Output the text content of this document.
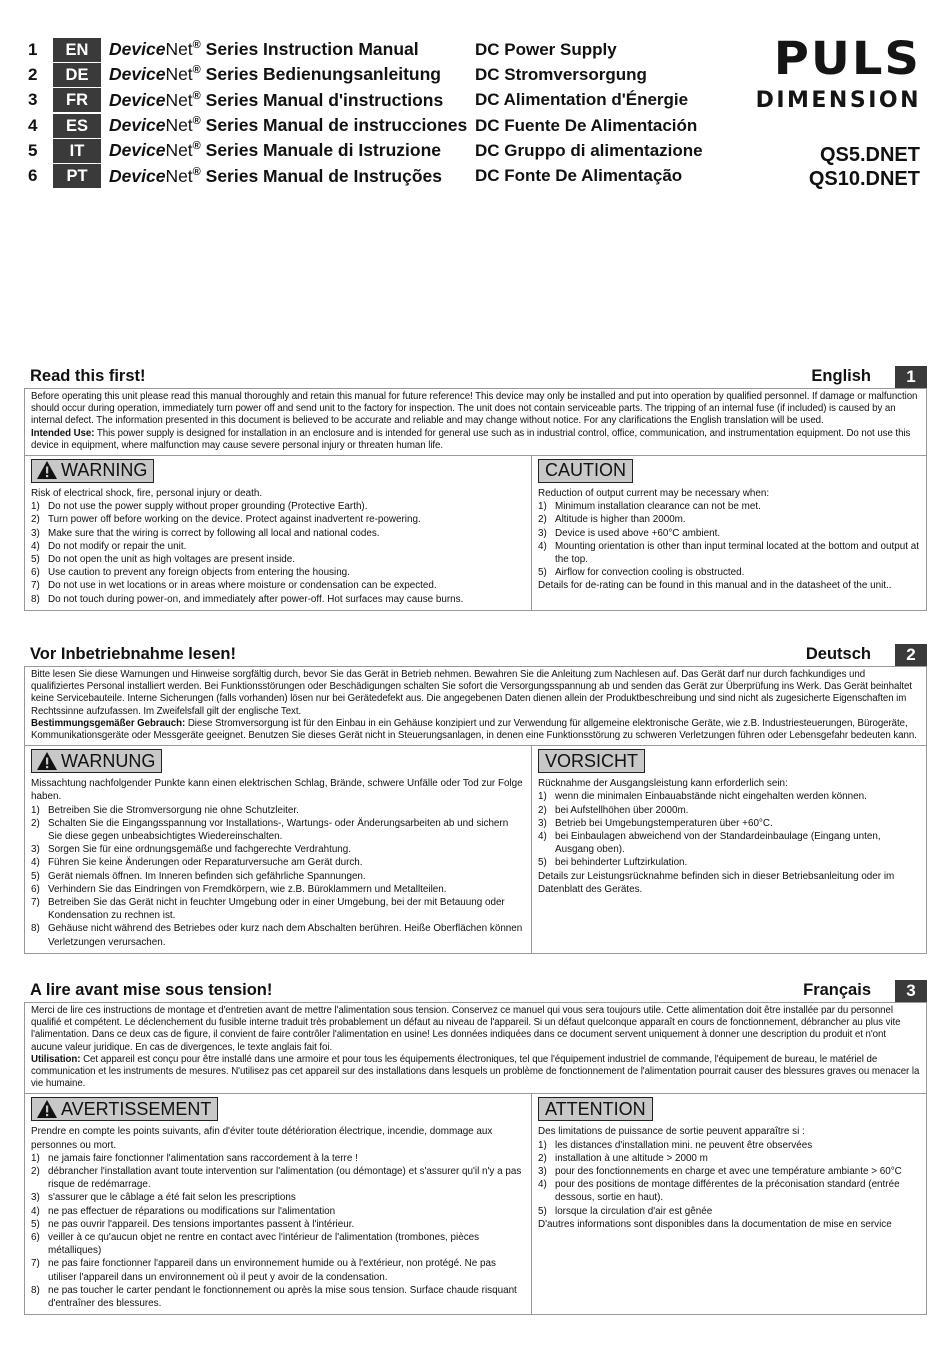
1	EN	DeviceNet® Series Instruction Manual	DC Power Supply
2	DE	DeviceNet® Series Bedienungsanleitung	DC Stromversorgung
3	FR	DeviceNet® Series Manual d'instructions	DC Alimentation d'Énergie
4	ES	DeviceNet® Series Manual de instrucciones DC Fuente De Alimentación
5	IT	DeviceNet® Series Manuale di Istruzione	DC Gruppo di alimentazione
6	PT	DeviceNet® Series Manual de Instruções	DC Fonte De Alimentação
PULS
DIMENSION
QS5.DNET
QS10.DNET
Read this first!	English	1

Before operating this unit please read this manual thoroughly and retain this manual for future reference! This device may only be installed and put into operation by qualified personnel. If damage or malfunction should occur during operation, immediately turn power off and send unit to the factory for inspection. The unit does not contain serviceable parts. The tripping of an internal fuse (if included) is caused by an internal defect. The information presented in this document is believed to be accurate and reliable and may change without notice. For any clarifications the English translation will be used.

Intended Use: This power supply is designed for installation in an enclosure and is intended for general use such as in industrial control, office, communication, and instrumentation equipment. Do not use this device in equipment, where malfunction may cause severe personal injury or threaten human life.

WARNING
Risk of electrical shock, fire, personal injury or death.
1) Do not use the power supply without proper grounding (Protective Earth).
2) Turn power off before working on the device. Protect against inadvertent re-powering.
3) Make sure that the wiring is correct by following all local and national codes.
4) Do not modify or repair the unit.
5) Do not open the unit as high voltages are present inside.
6) Use caution to prevent any foreign objects from entering the housing.
7) Do not use in wet locations or in areas where moisture or condensation can be expected.
8) Do not touch during power-on, and immediately after power-off. Hot surfaces may cause burns.
CAUTION
Reduction of output current may be necessary when:
1) Minimum installation clearance can not be met.
2) Altitude is higher than 2000m.
3) Device is used above +60°C ambient.
4) Mounting orientation is other than input terminal located at the bottom and output at the top.
5) Airflow for convection cooling is obstructed.
Details for de-rating can be found in this manual and in the datasheet of the unit..
Vor Inbetriebnahme lesen!	Deutsch	2

Bitte lesen Sie diese Warnungen und Hinweise sorgfältig durch, bevor Sie das Gerät in Betrieb nehmen. Bewahren Sie die Anleitung zum Nachlesen auf. Das Gerät darf nur durch fachkundiges und qualifiziertes Personal installiert werden. Bei Funktionsstörungen oder Beschädigungen schalten Sie sofort die Versorgungsspannung ab und senden das Gerät zur Überprüfung ins Werk. Das Gerät beinhaltet keine Servicebauteile. Interne Sicherungen (falls vorhanden) lösen nur bei Gerätedefekt aus. Die angegebenen Daten dienen allein der Produktbeschreibung und sind nicht als zugesicherte Eigenschaften im Rechtssinne aufzufassen. Im Zweifelsfall gilt der englische Text.

Bestimmungsgemäßer Gebrauch: Diese Stromversorgung ist für den Einbau in ein Gehäuse konzipiert und zur Verwendung für allgemeine elektronische Geräte, wie z.B. Industriesteuerungen, Bürogeräte, Kommunikationsgeräte oder Messgeräte geeignet. Benutzen Sie dieses Gerät nicht in Steuerungsanlagen, in denen eine Funktionsstörung zu schweren Verletzungen führen oder Lebensgefahr bedeuten kann.

WARNUNG
Missachtung nachfolgender Punkte kann einen elektrischen Schlag, Brände, schwere Unfälle oder Tod zur Folge haben.
1) Betreiben Sie die Stromversorgung nie ohne Schutzleiter.
2) Schalten Sie die Eingangsspannung vor Installations-, Wartungs- oder Änderungsarbeiten ab und sichern Sie diese gegen unbeabsichtigtes Wiedereinschalten.
3) Sorgen Sie für eine ordnungsgemäße und fachgerechte Verdrahtung.
4) Führen Sie keine Änderungen oder Reparaturversuche am Gerät durch.
5) Gerät niemals öffnen. Im Inneren befinden sich gefährliche Spannungen.
6) Verhindern Sie das Eindringen von Fremdkörpern, wie z.B. Büroklammern und Metallteilen.
7) Betreiben Sie das Gerät nicht in feuchter Umgebung oder in einer Umgebung, bei der mit Betauung oder Kondensation zu rechnen ist.
8) Gehäuse nicht während des Betriebes oder kurz nach dem Abschalten berühren. Heiße Oberflächen können Verletzungen verursachen.
VORSICHT
Rücknahme der Ausgangsleistung kann erforderlich sein:
1) wenn die minimalen Einbauabstände nicht eingehalten werden können.
2) bei Aufstellhöhen über 2000m.
3) Betrieb bei Umgebungstemperaturen über +60°C.
4) bei Einbaulagen abweichend von der Standardeinbaulage (Eingang unten, Ausgang oben).
5) bei behinderter Luftzirkulation.
Details zur Leistungsrücknahme befinden sich in dieser Betriebsanleitung oder im Datenblatt des Gerätes.
A lire avant mise sous tension!	Français	3

Merci de lire ces instructions de montage et d'entretien avant de mettre l'alimentation sous tension. Conservez ce manuel qui vous sera toujours utile. Cette alimentation doit être installée par du personnel qualifié et compétent. Le déclenchement du fusible interne traduit très probablement un défaut au niveau de l'appareil. Si un défaut quelconque apparaît en cours de fonctionnement, débrancher au plus vite l'alimentation. Dans ce deux cas de figure, il convient de faire contrôler l'alimentation en usine! Les données indiquées dans ce document servent uniquement à donner une description du produit et n'ont aucune valeur juridique. En cas de divergences, le texte anglais fait foi.

Utilisation: Cet appareil est conçu pour être installé dans une armoire et pour tous les équipements électroniques, tel que l'équipement industriel de commande, l'équipement de bureau, le matériel de communication et les instruments de mesures. N'utilisez pas cet appareil sur des installations dans lesquels un problème de fonctionnement de l'alimentation pourrait causer des blessures graves ou menacer la vie humaine.

AVERTISSEMENT
Prendre en compte les points suivants, afin d'éviter toute détérioration électrique, incendie, dommage aux personnes ou mort.
1) ne jamais faire fonctionner l'alimentation sans raccordement à la terre !
2) débrancher l'installation avant toute intervention sur l'alimentation (ou démontage) et s'assurer qu'il n'y a pas risque de redémarrage.
3) s'assurer que le câblage a été fait selon les prescriptions
4) ne pas effectuer de réparations ou modifications sur l'alimentation
5) ne pas ouvrir l'appareil. Des tensions importantes passent à l'intérieur.
6) veiller à ce qu'aucun objet ne rentre en contact avec l'intérieur de l'alimentation (trombones, pièces métalliques)
7) ne pas faire fonctionner l'appareil dans un environnement humide ou à l'extérieur, non protégé. Ne pas utiliser l'appareil dans un environnement où il peut y avoir de la condensation.
8) ne pas toucher le carter pendant le fonctionnement ou après la mise sous tension. Surface chaude risquant d'entraîner des blessures.
ATTENTION
Des limitations de puissance de sortie peuvent apparaître si :
1) les distances d'installation mini. ne peuvent être observées
2) installation à une altitude > 2000 m
3) pour des fonctionnements en charge et avec une température ambiante > 60°C
4) pour des positions de montage différentes de la préconisation standard (entrée dessous, sortie en haut).
5) lorsque la circulation d'air est gênée
D'autres informations sont disponibles dans la documentation de mise en service
